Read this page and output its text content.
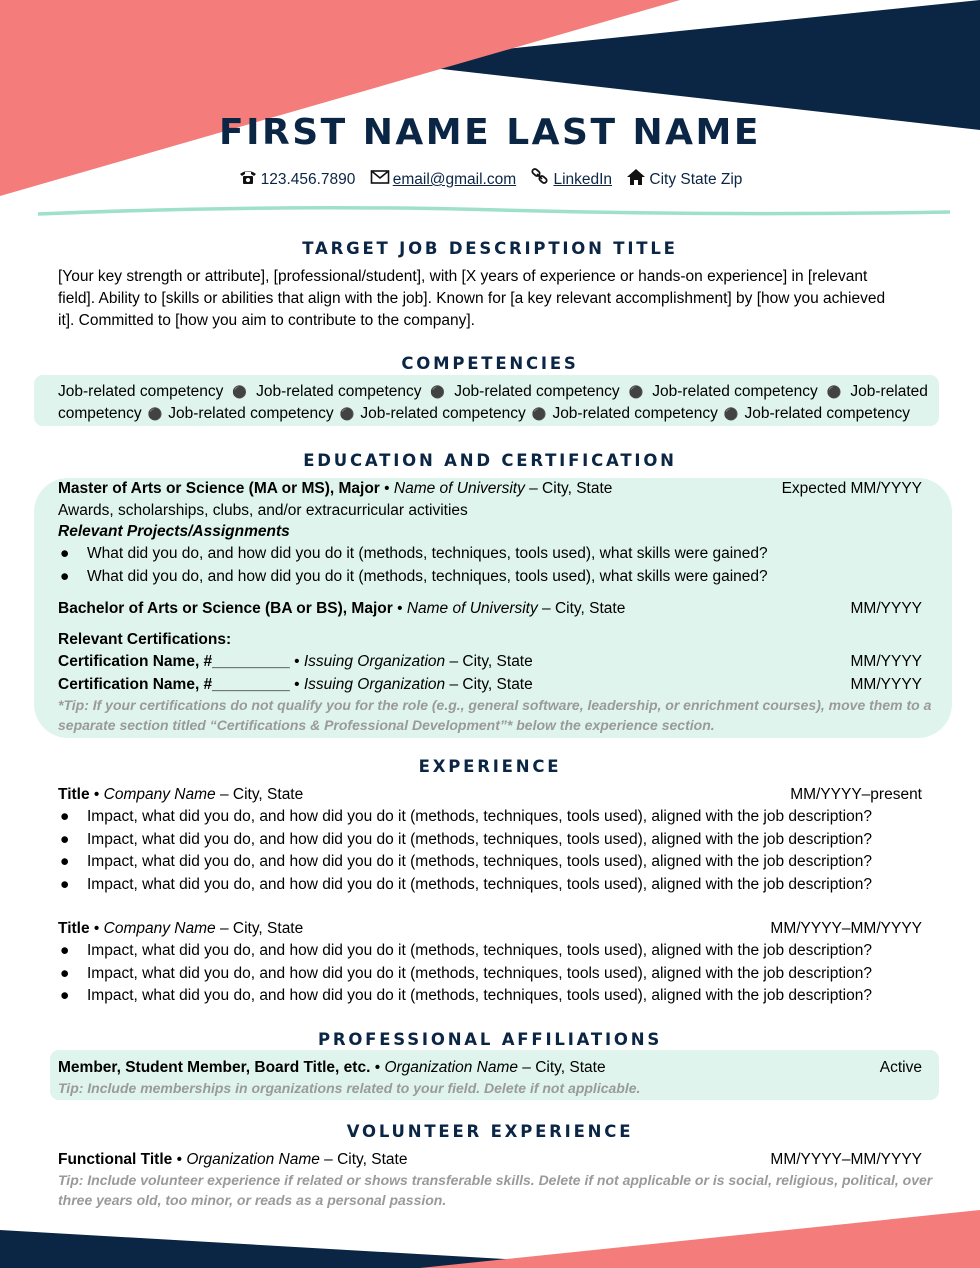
FIRST NAME LAST NAME
123.456.7890 email@gmail.com LinkedIn City State Zip
TARGET JOB DESCRIPTION TITLE
[Your key strength or attribute], [professional/student], with [X years of experience or hands-on experience] in [relevant
field]. Ability to [skills or abilities that align with the job]. Known for [a key relevant accomplishment] by [how you achieved
it]. Committed to [how you aim to contribute to the company].
COMPETENCIES
Job-related competency ⚫ Job-related competency ⚫ Job-related competency ⚫ Job-related competency ⚫ Job-related
competency ⚫ Job-related competency ⚫ Job-related competency ⚫ Job-related competency ⚫ Job-related competency
EDUCATION AND CERTIFICATION
Master of Arts or Science (MA or MS), Major • Name of University – City, State	Expected MM/YYYY
Awards, scholarships, clubs, and/or extracurricular activities
Relevant Projects/Assignments
● What did you do, and how did you do it (methods, techniques, tools used), what skills were gained?
● What did you do, and how did you do it (methods, techniques, tools used), what skills were gained?
Bachelor of Arts or Science (BA or BS), Major • Name of University – City, State	MM/YYYY
Relevant Certifications:
Certification Name, #_________ • Issuing Organization – City, State	MM/YYYY
Certification Name, #_________ • Issuing Organization – City, State	MM/YYYY
*Tip: If your certifications do not qualify you for the role (e.g., general software, leadership, or enrichment courses), move them to a
separate section titled “Certifications & Professional Development”* below the experience section.
EXPERIENCE
Title • Company Name – City, State	MM/YYYY–present
● Impact, what did you do, and how did you do it (methods, techniques, tools used), aligned with the job description?
● Impact, what did you do, and how did you do it (methods, techniques, tools used), aligned with the job description?
● Impact, what did you do, and how did you do it (methods, techniques, tools used), aligned with the job description?
● Impact, what did you do, and how did you do it (methods, techniques, tools used), aligned with the job description?
Title • Company Name – City, State	MM/YYYY–MM/YYYY
● Impact, what did you do, and how did you do it (methods, techniques, tools used), aligned with the job description?
● Impact, what did you do, and how did you do it (methods, techniques, tools used), aligned with the job description?
● Impact, what did you do, and how did you do it (methods, techniques, tools used), aligned with the job description?
PROFESSIONAL AFFILIATIONS
Member, Student Member, Board Title, etc. • Organization Name – City, State	Active
Tip: Include memberships in organizations related to your field. Delete if not applicable.
VOLUNTEER EXPERIENCE
Functional Title • Organization Name – City, State	MM/YYYY–MM/YYYY
Tip: Include volunteer experience if related or shows transferable skills. Delete if not applicable or is social, religious, political, over
three years old, too minor, or reads as a personal passion.
